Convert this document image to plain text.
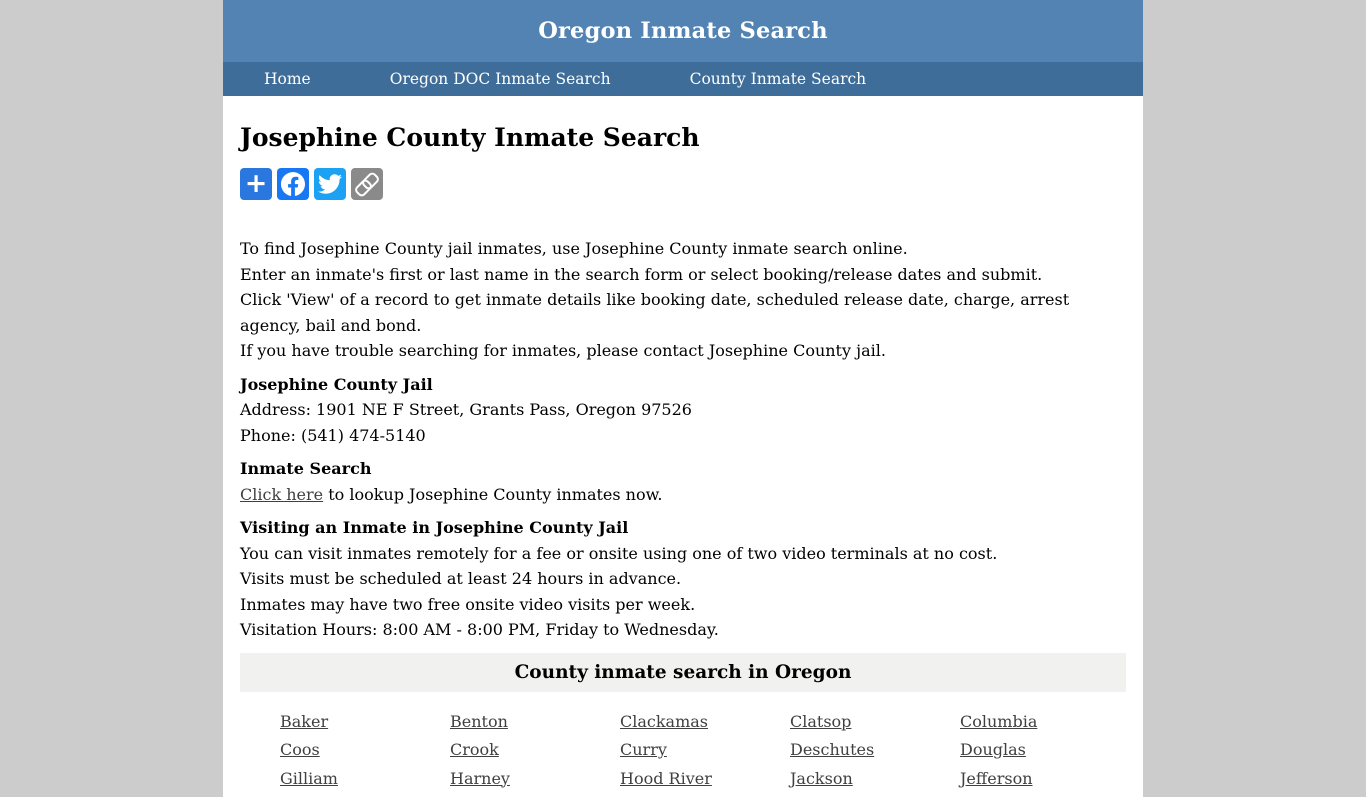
Oregon Inmate Search
Home	Oregon DOC Inmate Search	County Inmate Search
Josephine County Inmate Search
+

To find Josephine County jail inmates, use Josephine County inmate search online.

Enter an inmate's first or last name in the search form or select booking/release dates and submit.

Click 'View' of a record to get inmate details like booking date, scheduled release date, charge, arrest agency, bail and bond.

If you have trouble searching for inmates, please contact Josephine County jail.

Josephine County Jail

Address: 1901 NE F Street, Grants Pass, Oregon 97526

Phone: (541) 474-5140

Inmate Search

Click here to lookup Josephine County inmates now.

Visiting an Inmate in Josephine County Jail

You can visit inmates remotely for a fee or onsite using one of two video terminals at no cost.

Visits must be scheduled at least 24 hours in advance.

Inmates may have two free onsite video visits per week.

Visitation Hours: 8:00 AM - 8:00 PM, Friday to Wednesday.

County inmate search in Oregon
Baker	Benton	Clackamas	Clatsop	Columbia
Coos	Crook	Curry	Deschutes	Douglas
Gilliam	Harney	Hood River	Jackson	Jefferson
